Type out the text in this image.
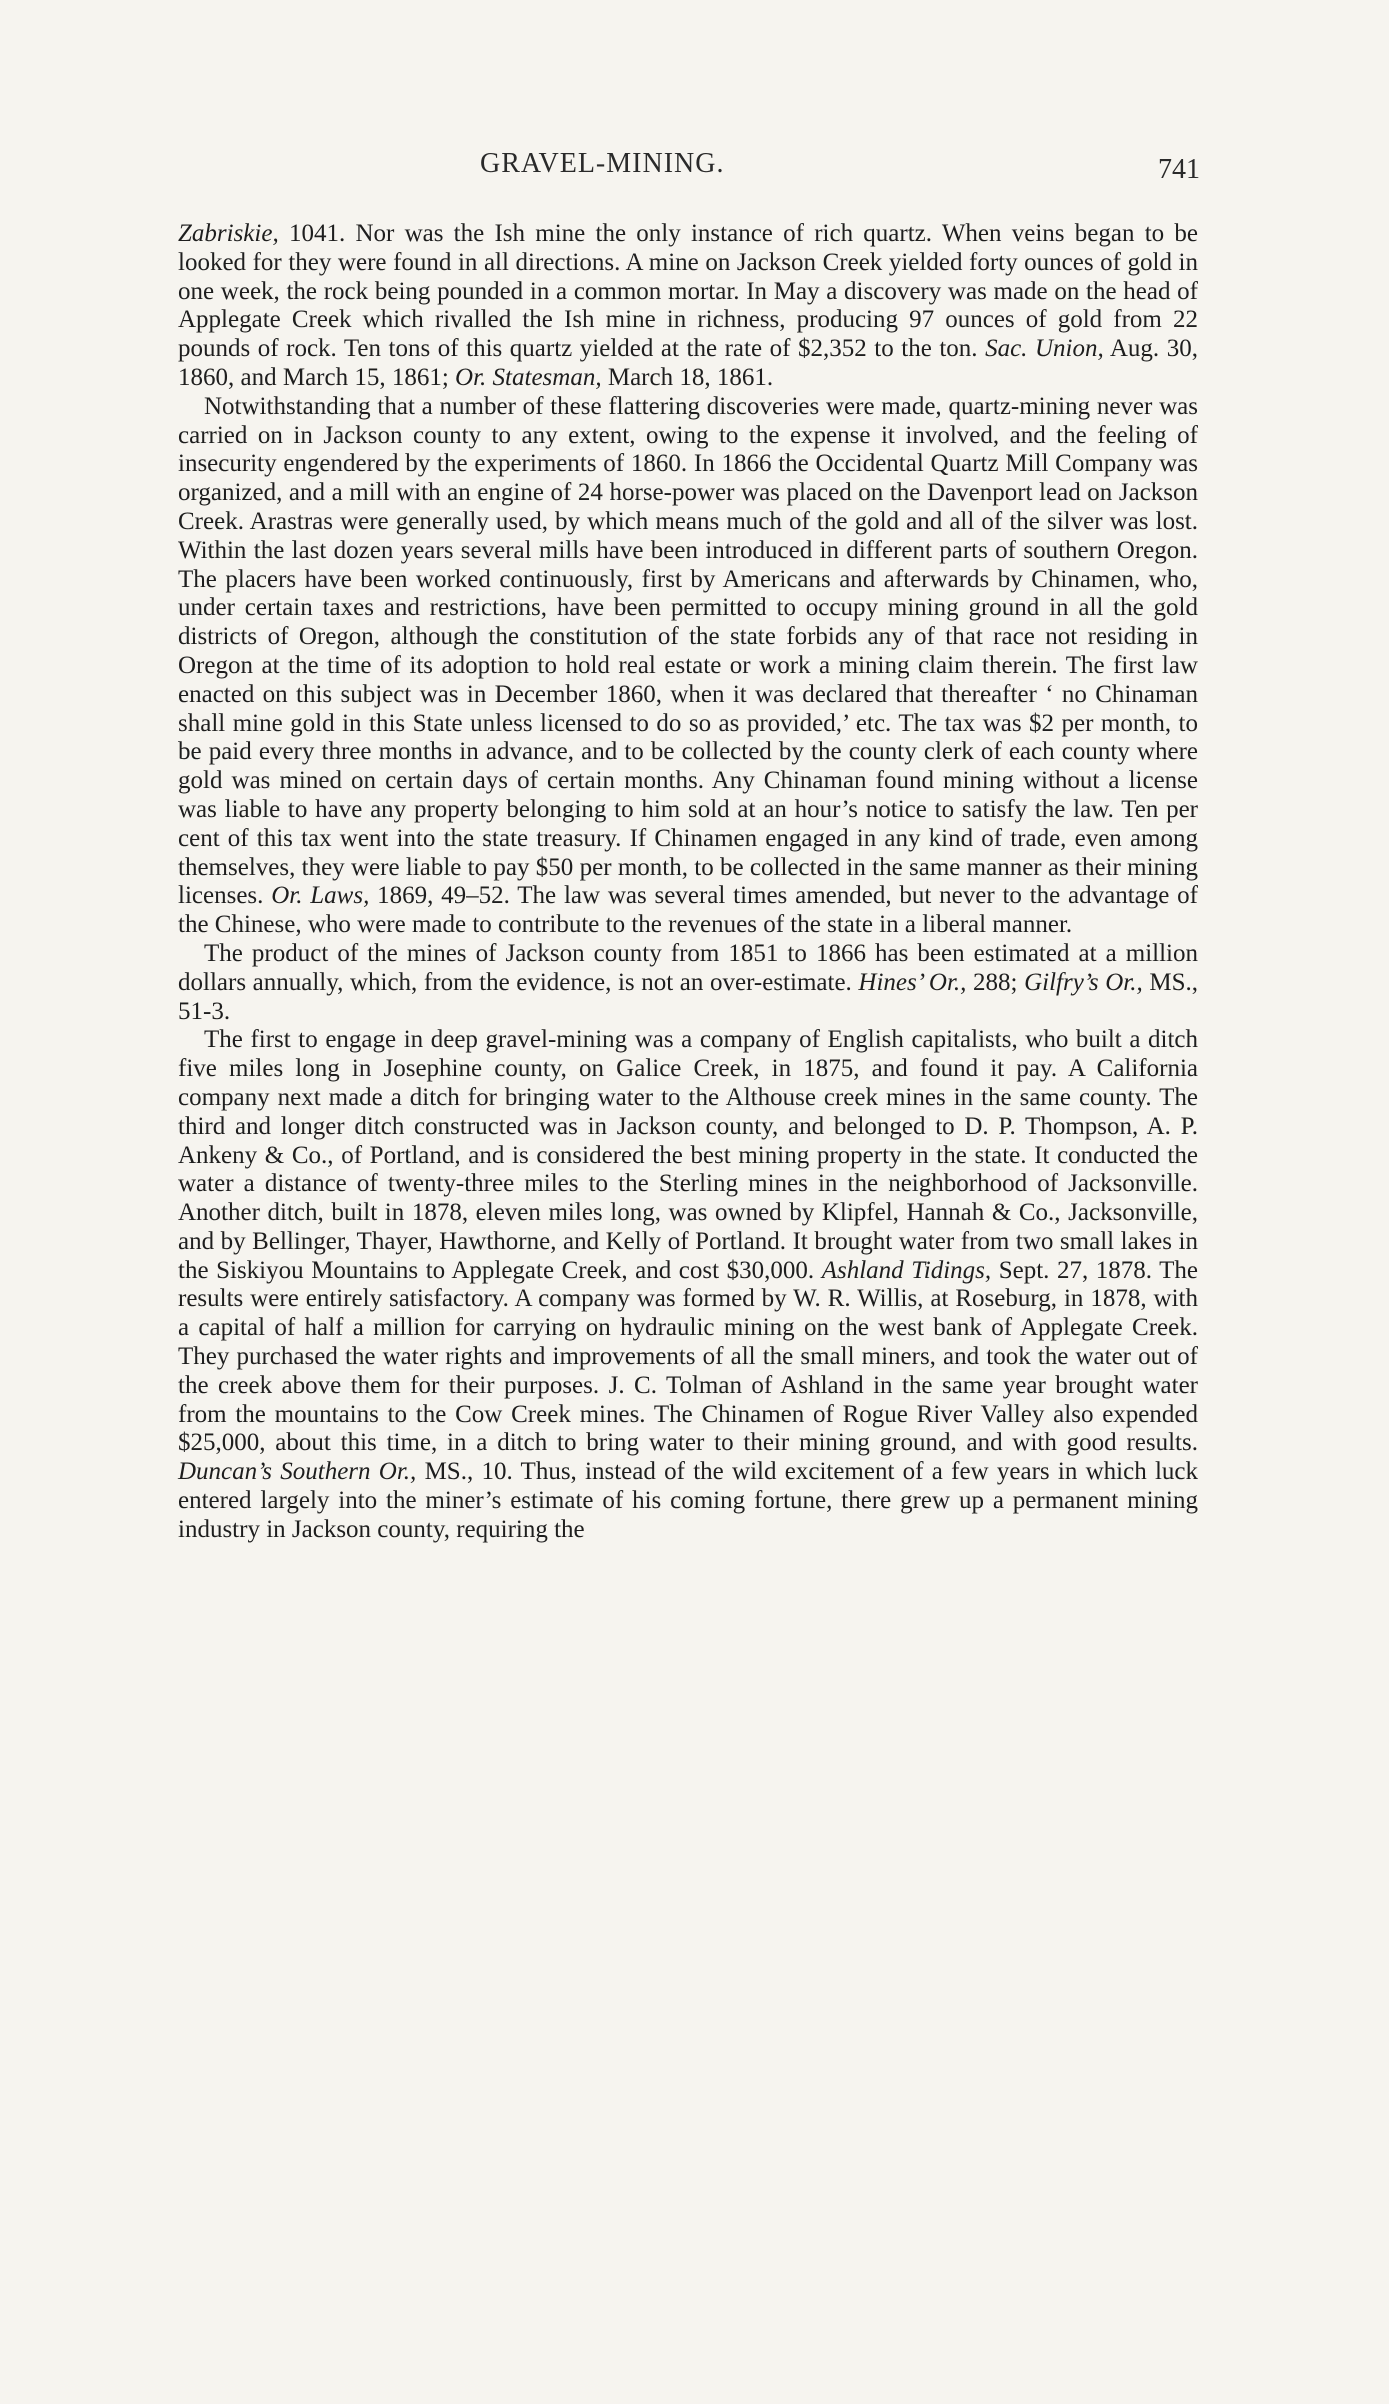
GRAVEL-MINING.	741

Zabriskie, 1041. Nor was the Ish mine the only instance of rich quartz. When veins began to be looked for they were found in all directions. A mine on Jackson Creek yielded forty ounces of gold in one week, the rock being pounded in a common mortar. In May a discovery was made on the head of Applegate Creek which rivalled the Ish mine in richness, producing 97 ounces of gold from 22 pounds of rock. Ten tons of this quartz yielded at the rate of $2,352 to the ton. Sac. Union, Aug. 30, 1860, and March 15, 1861; Or. Statesman, March 18, 1861.

Notwithstanding that a number of these flattering discoveries were made, quartz-mining never was carried on in Jackson county to any extent, owing to the expense it involved, and the feeling of insecurity engendered by the experiments of 1860. In 1866 the Occidental Quartz Mill Company was organized, and a mill with an engine of 24 horse-power was placed on the Davenport lead on Jackson Creek. Arastras were generally used, by which means much of the gold and all of the silver was lost. Within the last dozen years several mills have been introduced in different parts of southern Oregon. The placers have been worked continuously, first by Americans and afterwards by Chinamen, who, under certain taxes and restrictions, have been permitted to occupy mining ground in all the gold districts of Oregon, although the constitution of the state forbids any of that race not residing in Oregon at the time of its adoption to hold real estate or work a mining claim therein. The first law enacted on this subject was in December 1860, when it was declared that thereafter ‘ no Chinaman shall mine gold in this State unless licensed to do so as provided,’ etc. The tax was $2 per month, to be paid every three months in advance, and to be collected by the county clerk of each county where gold was mined on certain days of certain months. Any Chinaman found mining without a license was liable to have any property belonging to him sold at an hour’s notice to satisfy the law. Ten per cent of this tax went into the state treasury. If Chinamen engaged in any kind of trade, even among themselves, they were liable to pay $50 per month, to be collected in the same manner as their mining licenses. Or. Laws, 1869, 49–52. The law was several times amended, but never to the advantage of the Chinese, who were made to contribute to the revenues of the state in a liberal manner.

The product of the mines of Jackson county from 1851 to 1866 has been estimated at a million dollars annually, which, from the evidence, is not an over-estimate. Hines’ Or., 288; Gilfry’s Or., MS., 51-3.

The first to engage in deep gravel-mining was a company of English capitalists, who built a ditch five miles long in Josephine county, on Galice Creek, in 1875, and found it pay. A California company next made a ditch for bringing water to the Althouse creek mines in the same county. The third and longer ditch constructed was in Jackson county, and belonged to D. P. Thompson, A. P. Ankeny & Co., of Portland, and is considered the best mining property in the state. It conducted the water a distance of twenty-three miles to the Sterling mines in the neighborhood of Jacksonville. Another ditch, built in 1878, eleven miles long, was owned by Klipfel, Hannah & Co., Jacksonville, and by Bellinger, Thayer, Hawthorne, and Kelly of Portland. It brought water from two small lakes in the Siskiyou Mountains to Applegate Creek, and cost $30,000. Ashland Tidings, Sept. 27, 1878. The results were entirely satisfactory. A company was formed by W. R. Willis, at Roseburg, in 1878, with a capital of half a million for carrying on hydraulic mining on the west bank of Applegate Creek. They purchased the water rights and improvements of all the small miners, and took the water out of the creek above them for their purposes. J. C. Tolman of Ashland in the same year brought water from the mountains to the Cow Creek mines. The Chinamen of Rogue River Valley also expended $25,000, about this time, in a ditch to bring water to their mining ground, and with good results. Duncan’s Southern Or., MS., 10. Thus, instead of the wild excitement of a few years in which luck entered largely into the miner’s estimate of his coming fortune, there grew up a permanent mining industry in Jackson county, requiring the
